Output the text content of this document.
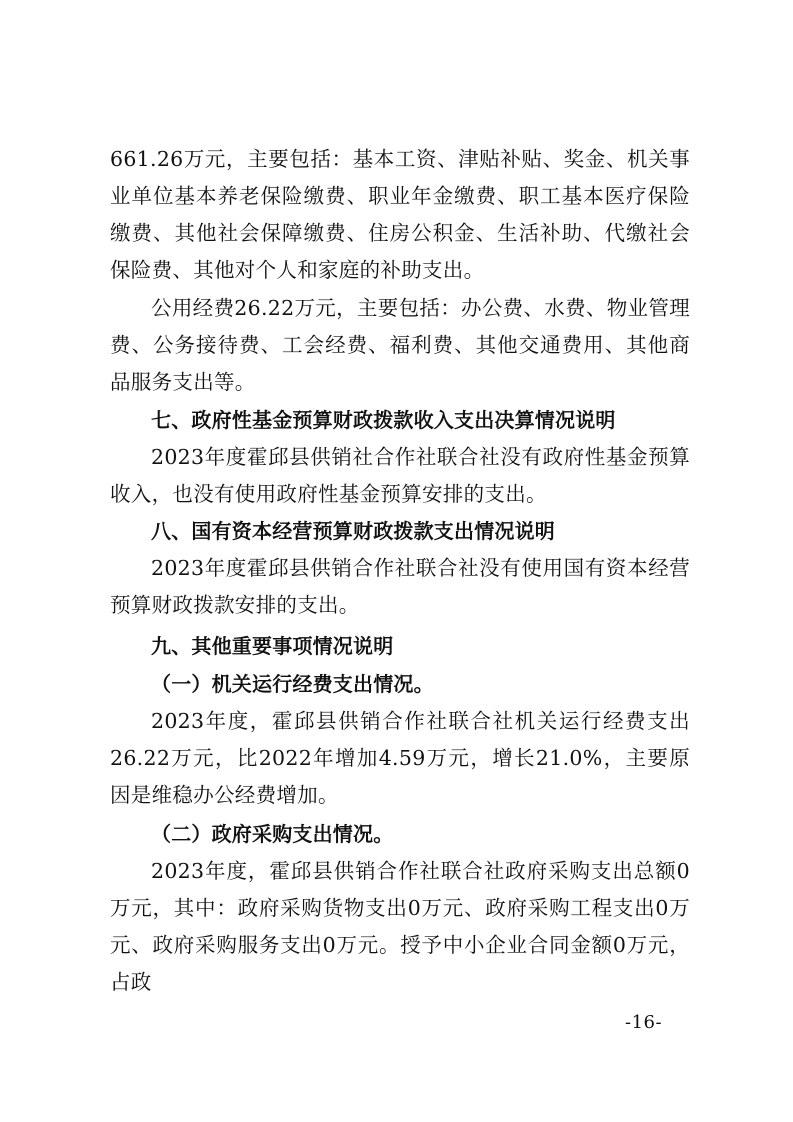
661.26万元，主要包括：基本工资、津贴补贴、奖金、机关事业单位基本养老保险缴费、职业年金缴费、职工基本医疗保险缴费、其他社会保障缴费、住房公积金、生活补助、代缴社会保险费、其他对个人和家庭的补助支出。

公用经费26.22万元，主要包括：办公费、水费、物业管理费、公务接待费、工会经费、福利费、其他交通费用、其他商品服务支出等。

七、政府性基金预算财政拨款收入支出决算情况说明

2023年度霍邱县供销社合作社联合社没有政府性基金预算收入，也没有使用政府性基金预算安排的支出。

八、国有资本经营预算财政拨款支出情况说明

2023年度霍邱县供销合作社联合社没有使用国有资本经营预算财政拨款安排的支出。

九、其他重要事项情况说明

（一）机关运行经费支出情况。

2023年度，霍邱县供销合作社联合社机关运行经费支出26.22万元，比2022年增加4.59万元，增长21.0%，主要原因是维稳办公经费增加。

（二）政府采购支出情况。

2023年度，霍邱县供销合作社联合社政府采购支出总额0万元，其中：政府采购货物支出0万元、政府采购工程支出0万元、政府采购服务支出0万元。授予中小企业合同金额0万元，占政

-16-
